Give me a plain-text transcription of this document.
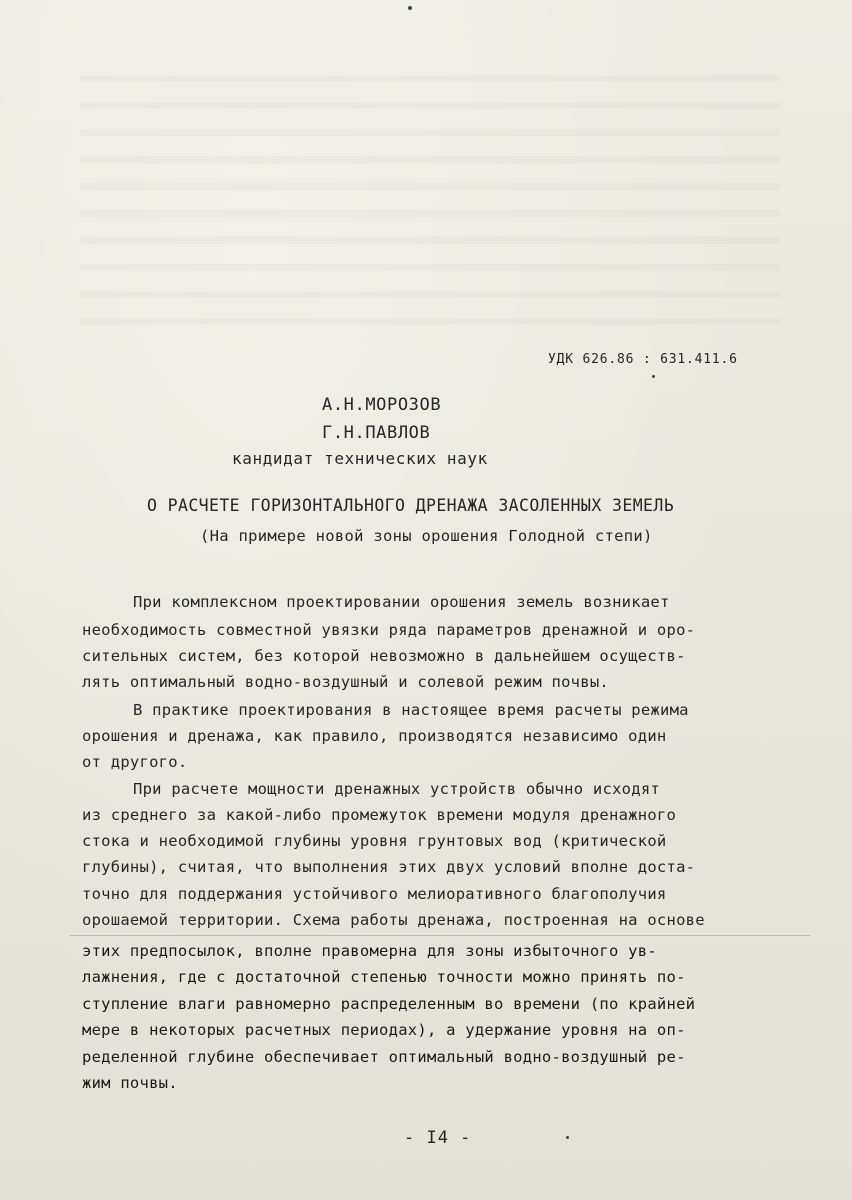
УДК 626.86 : 631.411.6
А.Н.МОРОЗОВ
Г.Н.ПАВЛОВ
кандидат технических наук
О РАСЧЕТЕ ГОРИЗОНТАЛЬНОГО ДРЕНАЖА ЗАСОЛЕННЫХ ЗЕМЕЛЬ
(На примере новой зоны орошения Голодной степи)
При комплексном проектировании орошения земель возникает
необходимость совместной увязки ряда параметров дренажной и оро-
сительных систем, без которой невозможно в дальнейшем осуществ-
лять оптимальный водно-воздушный и солевой режим почвы.
В практике проектирования в настоящее время расчеты режима
орошения и дренажа, как правило, производятся независимо один
от другого.
При расчете мощности дренажных устройств обычно исходят
из среднего за какой-либо промежуток времени модуля дренажного
стока и необходимой глубины уровня грунтовых вод (критической
глубины), считая, что выполнения этих двух условий вполне доста-
точно для поддержания устойчивого мелиоративного благополучия
орошаемой территории. Схема работы дренажа, построенная на основе
этих предпосылок, вполне правомерна для зоны избыточного ув-
лажнения, где с достаточной степенью точности можно принять по-
ступление влаги равномерно распределенным во времени (по крайней
мере в некоторых расчетных периодах), а удержание уровня на оп-
ределенной глубине обеспечивает оптимальный водно-воздушный ре-
жим почвы.
- I4 -
